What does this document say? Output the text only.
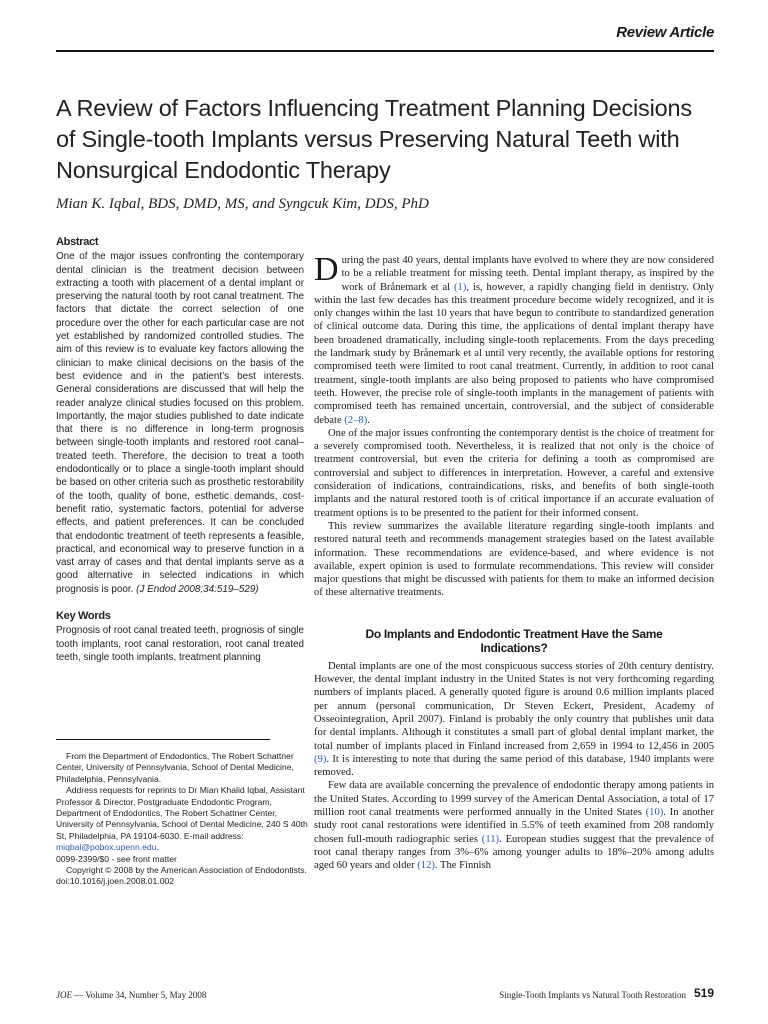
Review Article
A Review of Factors Influencing Treatment Planning Decisions of Single-tooth Implants versus Preserving Natural Teeth with Nonsurgical Endodontic Therapy
Mian K. Iqbal, BDS, DMD, MS, and Syngcuk Kim, DDS, PhD
Abstract

One of the major issues confronting the contemporary dental clinician is the treatment decision between extracting a tooth with placement of a dental implant or preserving the natural tooth by root canal treatment. The factors that dictate the correct selection of one procedure over the other for each particular case are not yet established by randomized controlled studies. The aim of this review is to evaluate key factors allowing the clinician to make clinical decisions on the basis of the best evidence and in the patient’s best interests. General considerations are discussed that will help the reader analyze clinical studies focused on this problem. Importantly, the major studies published to date indicate that there is no difference in long-term prognosis between single-tooth implants and restored root canal–treated teeth. Therefore, the decision to treat a tooth endodontically or to place a single-tooth implant should be based on other criteria such as prosthetic restorability of the tooth, quality of bone, esthetic demands, cost-benefit ratio, systematic factors, potential for adverse effects, and patient preferences. It can be concluded that endodontic treatment of teeth represents a feasible, practical, and economical way to preserve function in a vast array of cases and that dental implants serve as a good alternative in selected indications in which prognosis is poor. (J Endod 2008;34:519–529)

Key Words

Prognosis of root canal treated teeth, prognosis of single tooth implants, root canal restoration, root canal treated teeth, single tooth implants, treatment planning

From the Department of Endodontics, The Robert Schattner Center, University of Pennsylvania, School of Dental Medicine, Philadelphia, Pennsylvania.

Address requests for reprints to Dr Mian Khalid Iqbal, Assistant Professor & Director, Postgraduate Endodontic Program, Department of Endodontics, The Robert Schattner Center, University of Pennsylvania, School of Dental Medicine, 240 S 40th St, Philadelphia, PA 19104-6030. E-mail address: miqbal@pobox.upenn.edu.

0099-2399/$0 - see front matter

Copyright © 2008 by the American Association of Endodontists.

doi:10.1016/j.joen.2008.01.002

During the past 40 years, dental implants have evolved to where they are now considered to be a reliable treatment for missing teeth. Dental implant therapy, as inspired by the work of Brånemark et al (1), is, however, a rapidly changing field in dentistry. Only within the last few decades has this treatment procedure become widely recognized, and it is only changes within the last 10 years that have begun to contribute to standardized generation of clinical outcome data. During this time, the applications of dental implant therapy have been broadened dramatically, including single-tooth replacements. From the days preceding the landmark study by Brånemark et al until very recently, the available options for restoring compromised teeth were limited to root canal treatment. Currently, in addition to root canal treatment, single-tooth implants are also being proposed to patients who have compromised teeth. However, the precise role of single-tooth implants in the management of patients with compromised teeth has remained uncertain, controversial, and the subject of considerable debate (2–8).

One of the major issues confronting the contemporary dentist is the choice of treatment for a severely compromised tooth. Nevertheless, it is realized that not only is the choice of treatment controversial, but even the criteria for defining a tooth as compromised are controversial and subject to differences in interpretation. However, a careful and extensive consideration of indications, contraindications, risks, and benefits of both single-tooth implants and the natural restored tooth is of critical importance if an accurate evaluation of treatment options is to be presented to the patient for their informed consent.

This review summarizes the available literature regarding single-tooth implants and restored natural teeth and recommends management strategies based on the latest available information. These recommendations are evidence-based, and where evidence is not available, expert opinion is used to formulate recommendations. This review will consider major questions that might be discussed with patients for them to make an informed decision of these alternative treatments.

Do Implants and Endodontic Treatment Have the Same Indications?

Dental implants are one of the most conspicuous success stories of 20th century dentistry. However, the dental implant industry in the United States is not very forthcoming regarding numbers of implants placed. A generally quoted figure is around 0.6 million implants placed per annum (personal communication, Dr Steven Eckert, President, Academy of Osseointegration, April 2007). Finland is probably the only country that publishes unit data for dental implants. Although it constitutes a small part of global dental implant market, the total number of implants placed in Finland increased from 2,659 in 1994 to 12,456 in 2005 (9). It is interesting to note that during the same period of this database, 1940 implants were removed.

Few data are available concerning the prevalence of endodontic therapy among patients in the United States. According to 1999 survey of the American Dental Association, a total of 17 million root canal treatments were performed annually in the United States (10). In another study root canal restorations were identified in 5.5% of teeth examined from 208 randomly chosen full-mouth radiographic series (11). European studies suggest that the prevalence of root canal therapy ranges from 3%–6% among younger adults to 18%–20% among adults aged 60 years and older (12). The Finnish

JOE — Volume 34, Number 5, May 2008	Single-Tooth Implants vs Natural Tooth Restoration 519
